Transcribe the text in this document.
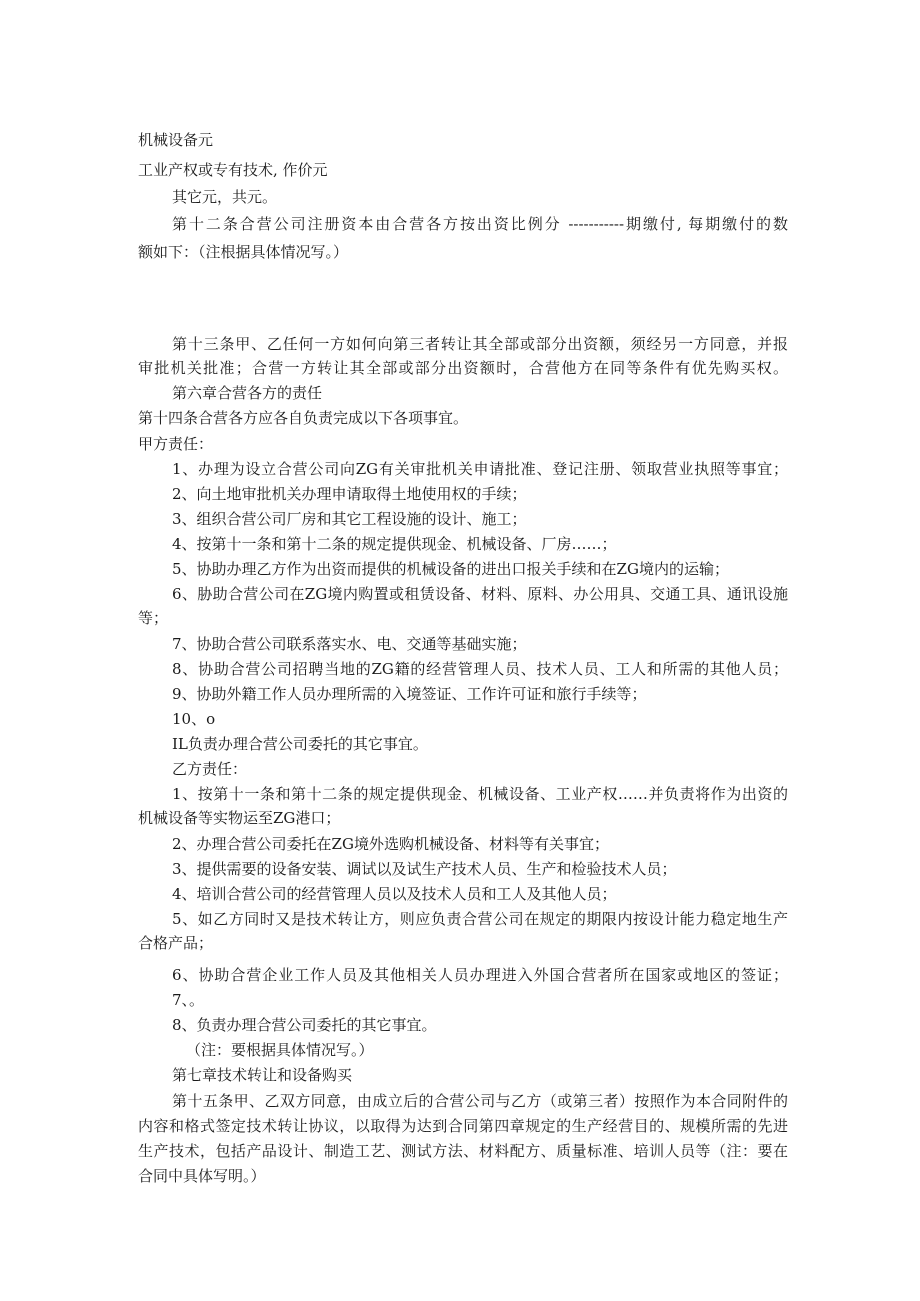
机械设备元
工业产权或专有技术, 作价元
其它元，共元。
第十二条合营公司注册资本由合营各方按出资比例分 -----------期缴付, 每期缴付的数
额如下：（注根据具体情况写。）
第十三条甲、乙任何一方如何向第三者转让其全部或部分出资额，须经另一方同意，并报
审批机关批准；合营一方转让其全部或部分出资额时，合营他方在同等条件有优先购买权。
第六章合营各方的责任
第十四条合营各方应各自负责完成以下各项事宜。
甲方责任：
1、办理为设立合营公司向ZG有关审批机关申请批准、登记注册、领取营业执照等事宜；
2、向土地审批机关办理申请取得土地使用权的手续；
3、组织合营公司厂房和其它工程设施的设计、施工；
4、按第十一条和第十二条的规定提供现金、机械设备、厂房……；
5、协助办理乙方作为出资而提供的机械设备的进出口报关手续和在ZG境内的运输；
6、胁助合营公司在ZG境内购置或租赁设备、材料、原料、办公用具、交通工具、通讯设施
等；
7、协助合营公司联系落实水、电、交通等基础实施；
8、协助合营公司招聘当地的ZG籍的经营管理人员、技术人员、工人和所需的其他人员；
9、协助外籍工作人员办理所需的入境签证、工作许可证和旅行手续等；
10、o
IL负责办理合营公司委托的其它事宜。
乙方责任：
1、按第十一条和第十二条的规定提供现金、机械设备、工业产权……并负责将作为出资的
机械设备等实物运至ZG港口；
2、办理合营公司委托在ZG境外选购机械设备、材料等有关事宜；
3、提供需要的设备安装、调试以及试生产技术人员、生产和检验技术人员；
4、培训合营公司的经营管理人员以及技术人员和工人及其他人员；
5、如乙方同时又是技术转让方，则应负责合营公司在规定的期限内按设计能力稳定地生产
合格产品；
6、协助合营企业工作人员及其他相关人员办理进入外国合营者所在国家或地区的签证；
7、。
8、负责办理合营公司委托的其它事宜。
（注：要根据具体情况写。）
第七章技术转让和设备购买
第十五条甲、乙双方同意，由成立后的合营公司与乙方（或第三者）按照作为本合同附件的
内容和格式签定技术转让协议，以取得为达到合同第四章规定的生产经营目的、规模所需的先进
生产技术，包括产品设计、制造工艺、测试方法、材料配方、质量标准、培训人员等（注：要在
合同中具体写明。）
